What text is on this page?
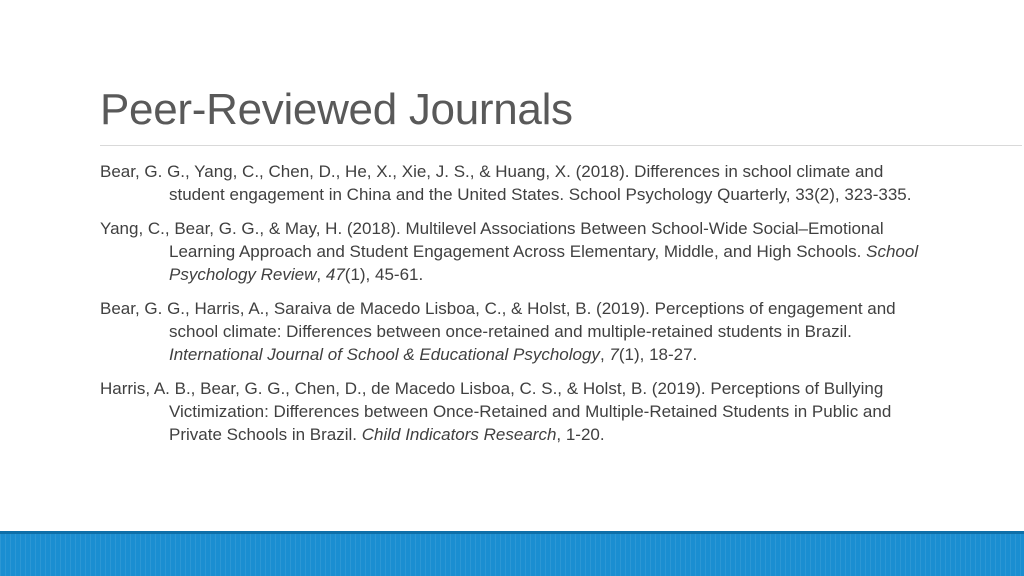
Peer-Reviewed Journals
Bear, G. G., Yang, C., Chen, D., He, X., Xie, J. S., & Huang, X. (2018). Differences in school climate and student engagement in China and the United States. School Psychology Quarterly, 33(2), 323-335.
Yang, C., Bear, G. G., & May, H. (2018). Multilevel Associations Between School-Wide Social–Emotional Learning Approach and Student Engagement Across Elementary, Middle, and High Schools. School Psychology Review, 47(1), 45-61.
Bear, G. G., Harris, A., Saraiva de Macedo Lisboa, C., & Holst, B. (2019). Perceptions of engagement and school climate: Differences between once-retained and multiple-retained students in Brazil. International Journal of School & Educational Psychology, 7(1), 18-27.
Harris, A. B., Bear, G. G., Chen, D., de Macedo Lisboa, C. S., & Holst, B. (2019). Perceptions of Bullying Victimization: Differences between Once-Retained and Multiple-Retained Students in Public and Private Schools in Brazil. Child Indicators Research, 1-20.
